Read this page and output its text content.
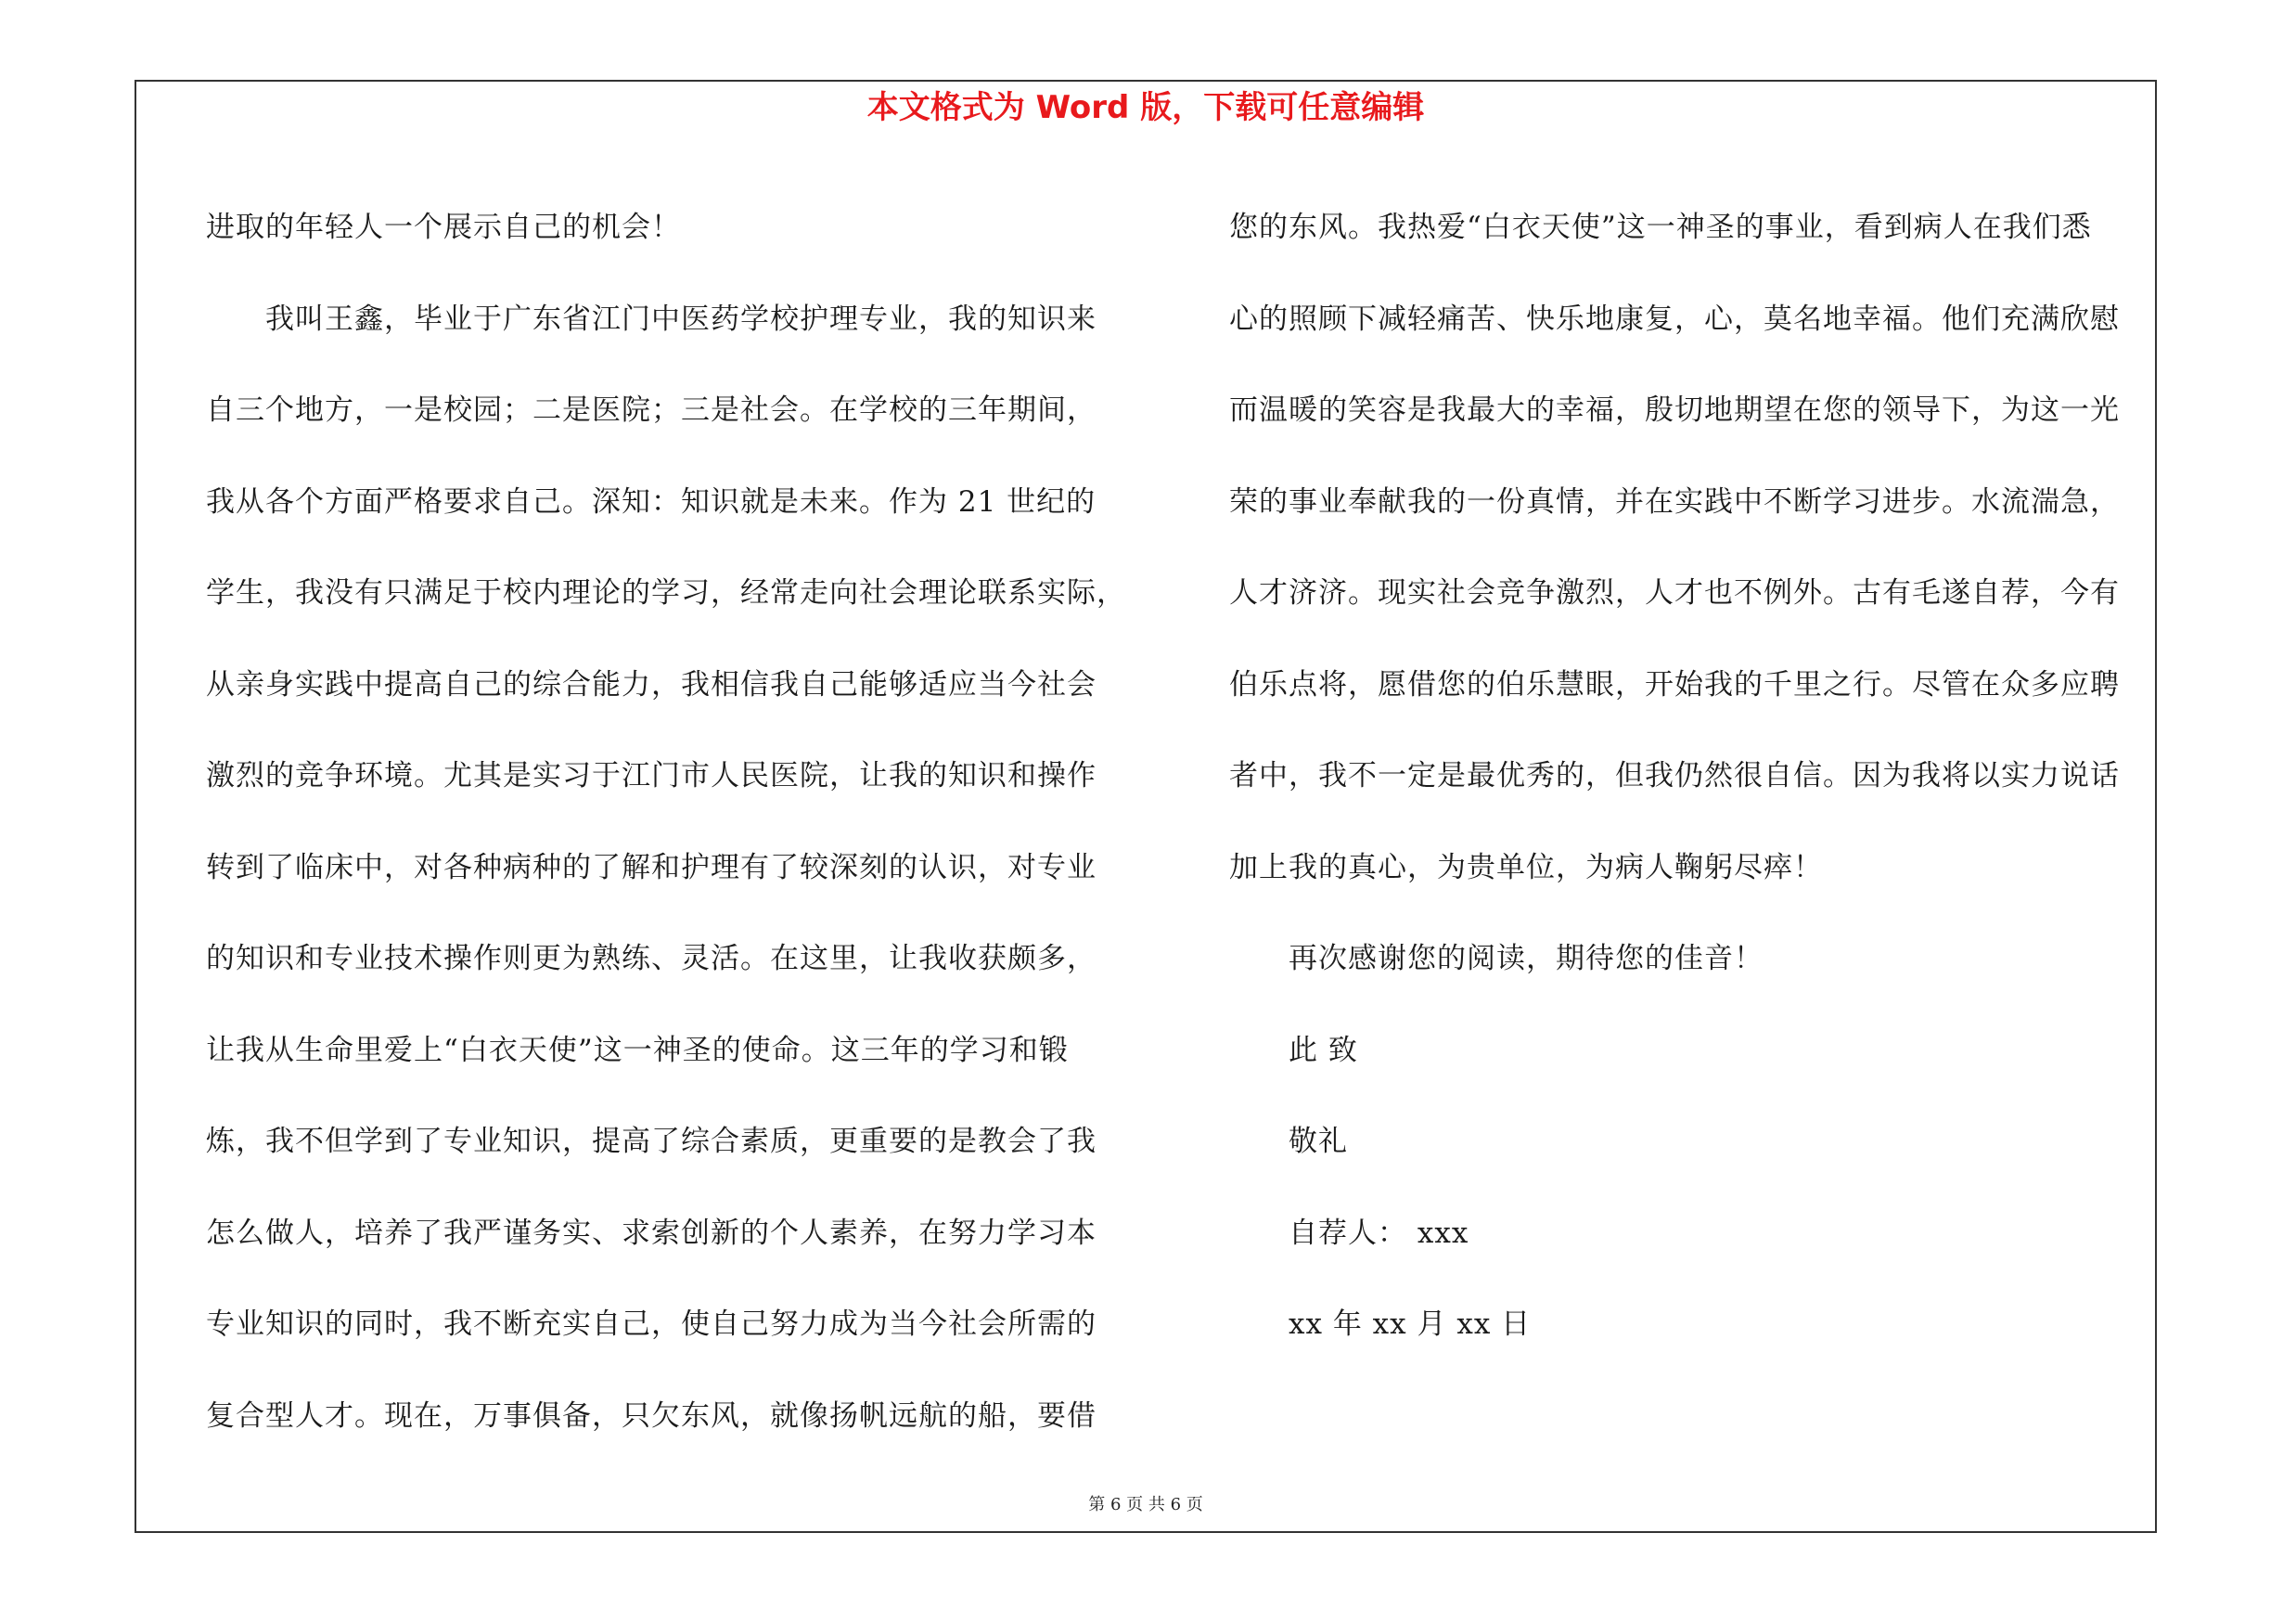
本文格式为 Word 版，下载可任意编辑
进取的年轻人一个展示自己的机会！
我叫王鑫，毕业于广东省江门中医药学校护理专业，我的知识来
自三个地方，一是校园；二是医院；三是社会。在学校的三年期间，
我从各个方面严格要求自己。深知：知识就是未来。作为 21 世纪的
学生，我没有只满足于校内理论的学习，经常走向社会理论联系实际，
从亲身实践中提高自己的综合能力，我相信我自己能够适应当今社会
激烈的竞争环境。尤其是实习于江门市人民医院，让我的知识和操作
转到了临床中，对各种病种的了解和护理有了较深刻的认识，对专业
的知识和专业技术操作则更为熟练、灵活。在这里，让我收获颇多，
让我从生命里爱上“白衣天使”这一神圣的使命。这三年的学习和锻
炼，我不但学到了专业知识，提高了综合素质，更重要的是教会了我
怎么做人，培养了我严谨务实、求索创新的个人素养，在努力学习本
专业知识的同时，我不断充实自己，使自己努力成为当今社会所需的
复合型人才。现在，万事俱备，只欠东风，就像扬帆远航的船，要借
您的东风。我热爱“白衣天使”这一神圣的事业，看到病人在我们悉
心的照顾下减轻痛苦、快乐地康复，心，莫名地幸福。他们充满欣慰
而温暖的笑容是我最大的幸福，殷切地期望在您的领导下，为这一光
荣的事业奉献我的一份真情，并在实践中不断学习进步。水流湍急，
人才济济。现实社会竞争激烈，人才也不例外。古有毛遂自荐，今有
伯乐点将，愿借您的伯乐慧眼，开始我的千里之行。尽管在众多应聘
者中，我不一定是最优秀的，但我仍然很自信。因为我将以实力说话
加上我的真心，为贵单位，为病人鞠躬尽瘁！
再次感谢您的阅读，期待您的佳音！
此 致
敬礼
自荐人： xxx
xx 年 xx 月 xx 日
第 6 页 共 6 页
